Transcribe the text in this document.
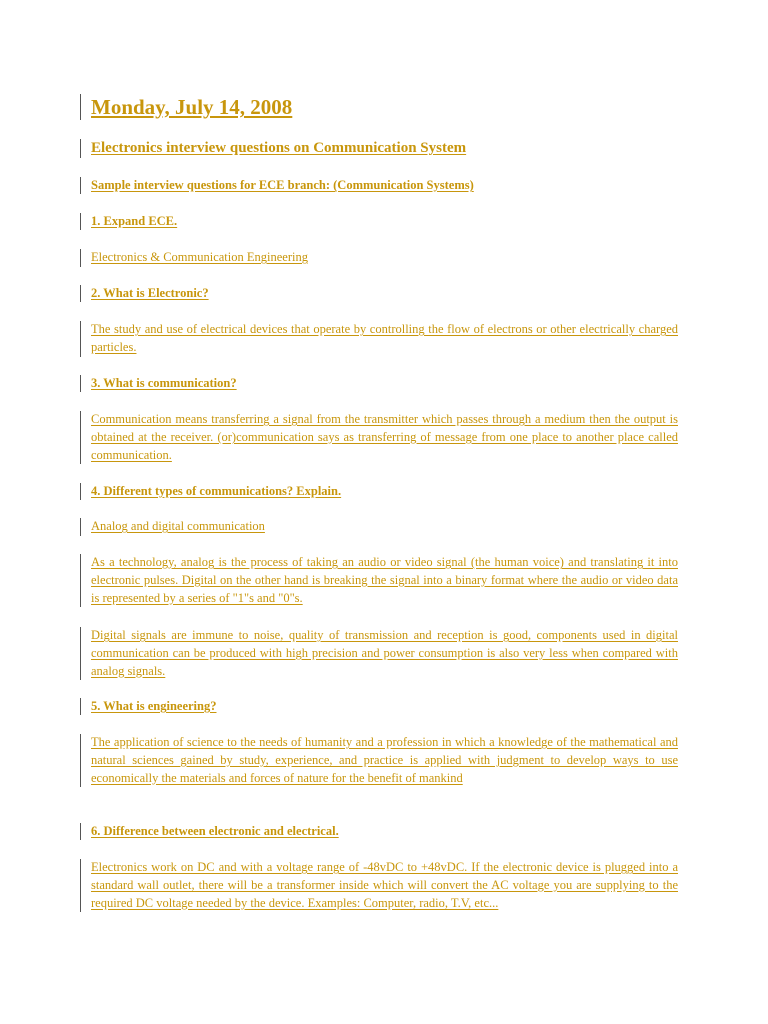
Monday, July 14, 2008
Electronics interview questions on Communication System
Sample interview questions for ECE branch: (Communication Systems)
1. Expand ECE.
Electronics & Communication Engineering
2. What is Electronic?
The study and use of electrical devices that operate by controlling the flow of electrons or other electrically charged particles.
3. What is communication?
Communication means transferring a signal from the transmitter which passes through a medium then the output is obtained at the receiver. (or)communication says as transferring of message from one place to another place called communication.
4. Different types of communications? Explain.
Analog and digital communication
As a technology, analog is the process of taking an audio or video signal (the human voice) and translating it into electronic pulses. Digital on the other hand is breaking the signal into a binary format where the audio or video data is represented by a series of "1"s and "0"s.
Digital signals are immune to noise, quality of transmission and reception is good, components used in digital communication can be produced with high precision and power consumption is also very less when compared with analog signals.
5. What is engineering?
The application of science to the needs of humanity and a profession in which a knowledge of the mathematical and natural sciences gained by study, experience, and practice is applied with judgment to develop ways to use economically the materials and forces of nature for the benefit of mankind
6. Difference between electronic and electrical.
Electronics work on DC and with a voltage range of -48vDC to +48vDC. If the electronic device is plugged into a standard wall outlet, there will be a transformer inside which will convert the AC voltage you are supplying to the required DC voltage needed by the device. Examples: Computer, radio, T.V, etc...
